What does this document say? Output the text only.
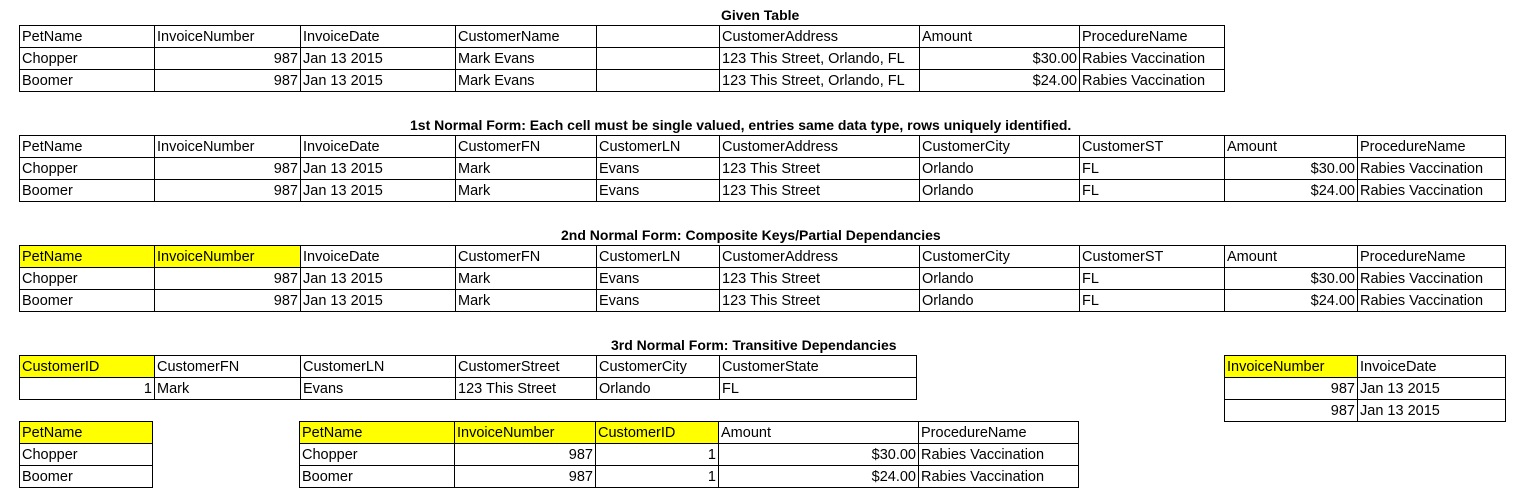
Given Table
1st Normal Form: Each cell must be single valued, entries same data type, rows uniquely identified.
2nd Normal Form: Composite Keys/Partial Dependancies
3rd Normal Form: Transitive Dependancies
PetName	InvoiceNumber	InvoiceDate	CustomerName		CustomerAddress	Amount	ProcedureName
Chopper	987	Jan 13 2015	Mark Evans		123 This Street, Orlando, FL	$30.00	Rabies Vaccination
Boomer	987	Jan 13 2015	Mark Evans		123 This Street, Orlando, FL	$24.00	Rabies Vaccination
PetName	InvoiceNumber	InvoiceDate	CustomerFN	CustomerLN	CustomerAddress	CustomerCity	CustomerST	Amount	ProcedureName
Chopper	987	Jan 13 2015	Mark	Evans	123 This Street	Orlando	FL	$30.00	Rabies Vaccination
Boomer	987	Jan 13 2015	Mark	Evans	123 This Street	Orlando	FL	$24.00	Rabies Vaccination
PetName	InvoiceNumber	InvoiceDate	CustomerFN	CustomerLN	CustomerAddress	CustomerCity	CustomerST	Amount	ProcedureName
Chopper	987	Jan 13 2015	Mark	Evans	123 This Street	Orlando	FL	$30.00	Rabies Vaccination
Boomer	987	Jan 13 2015	Mark	Evans	123 This Street	Orlando	FL	$24.00	Rabies Vaccination
CustomerID	CustomerFN	CustomerLN	CustomerStreet	CustomerCity	CustomerState
1	Mark	Evans	123 This Street	Orlando	FL
InvoiceNumber	InvoiceDate
987	Jan 13 2015
987	Jan 13 2015
PetName
Chopper
Boomer
PetName	InvoiceNumber	CustomerID	Amount	ProcedureName
Chopper	987	1	$30.00	Rabies Vaccination
Boomer	987	1	$24.00	Rabies Vaccination
